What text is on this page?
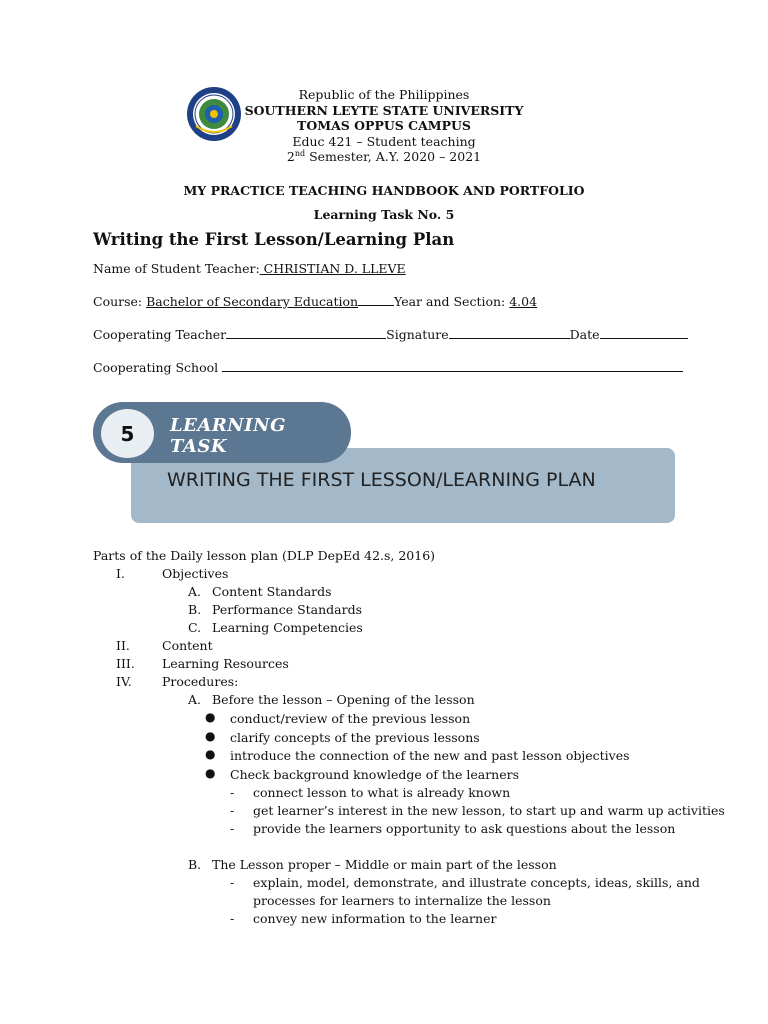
Republic of the Philippines
SOUTHERN LEYTE STATE UNIVERSITY
TOMAS OPPUS CAMPUS
Educ 421 – Student teaching
2nd Semester, A.Y. 2020 – 2021
MY PRACTICE TEACHING HANDBOOK AND PORTFOLIO
Learning Task No. 5
Writing the First Lesson/Learning Plan
Name of Student Teacher: CHRISTIAN D. LLEVE
Course: Bachelor of Secondary Education	Year and Section: 4.04
Cooperating Teacher	Signature	Date
Cooperating School
5	LEARNING
TASK
WRITING THE FIRST LESSON/LEARNING PLAN
Parts of the Daily lesson plan (DLP DepEd 42.s, 2016)
I.	Objectives
A. Content Standards
B. Performance Standards
C. Learning Competencies
II.	Content
III. Learning Resources
IV. Procedures:
A. Before the lesson – Opening of the lesson
● conduct/review of the previous lesson
● clarify concepts of the previous lessons
● introduce the connection of the new and past lesson objectives
● Check background knowledge of the learners
- connect lesson to what is already known
- get learner’s interest in the new lesson, to start up and warm up activities
- provide the learners opportunity to ask questions about the lesson
B. The Lesson proper – Middle or main part of the lesson
- explain, model, demonstrate, and illustrate concepts, ideas, skills, and
processes for learners to internalize the lesson
- convey new information to the learner
